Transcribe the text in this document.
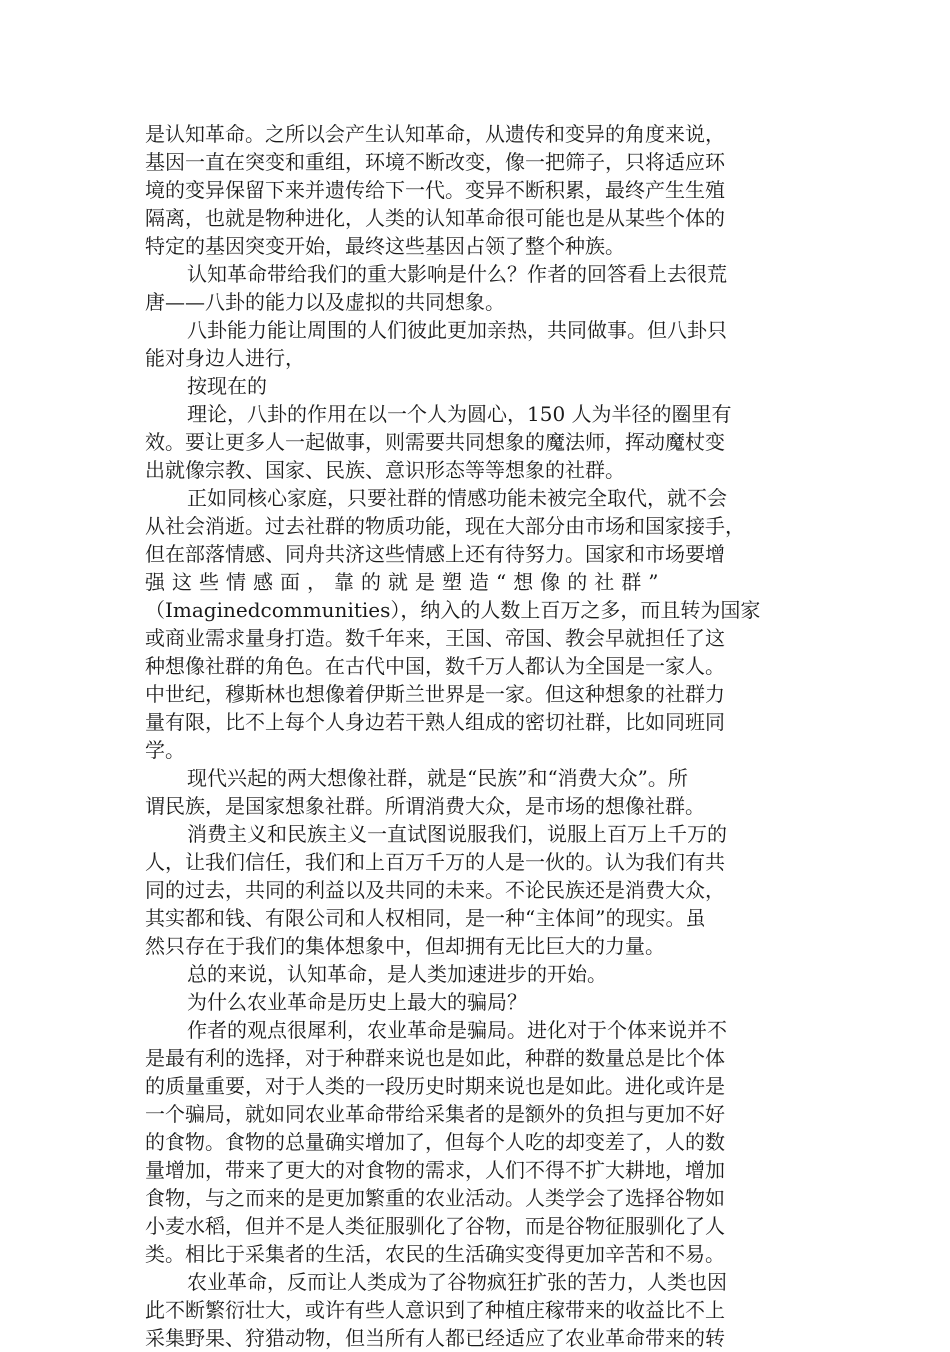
是认知革命。之所以会产生认知革命，从遗传和变异的角度来说，
基因一直在突变和重组，环境不断改变，像一把筛子，只将适应环
境的变异保留下来并遗传给下一代。变异不断积累，最终产生生殖
隔离，也就是物种进化，人类的认知革命很可能也是从某些个体的
特定的基因突变开始，最终这些基因占领了整个种族。
认知革命带给我们的重大影响是什么？作者的回答看上去很荒
唐——八卦的能力以及虚拟的共同想象。
八卦能力能让周围的人们彼此更加亲热，共同做事。但八卦只
能对身边人进行，
按现在的
理论，八卦的作用在以一个人为圆心，150 人为半径的圈里有
效。要让更多人一起做事，则需要共同想象的魔法师，挥动魔杖变
出就像宗教、国家、民族、意识形态等等想象的社群。
正如同核心家庭，只要社群的情感功能未被完全取代，就不会
从社会消逝。过去社群的物质功能，现在大部分由市场和国家接手，
但在部落情感、同舟共济这些情感上还有待努力。国家和市场要增
强这些情感面，靠的就是塑造“想像的社群”
（Imaginedcommunities），纳入的人数上百万之多，而且转为国家
或商业需求量身打造。数千年来，王国、帝国、教会早就担任了这
种想像社群的角色。在古代中国，数千万人都认为全国是一家人。
中世纪，穆斯林也想像着伊斯兰世界是一家。但这种想象的社群力
量有限，比不上每个人身边若干熟人组成的密切社群，比如同班同
学。
现代兴起的两大想像社群，就是“民族”和“消费大众”。所
谓民族，是国家想象社群。所谓消费大众，是市场的想像社群。
消费主义和民族主义一直试图说服我们，说服上百万上千万的
人，让我们信任，我们和上百万千万的人是一伙的。认为我们有共
同的过去，共同的利益以及共同的未来。不论民族还是消费大众，
其实都和钱、有限公司和人权相同，是一种“主体间”的现实。虽
然只存在于我们的集体想象中，但却拥有无比巨大的力量。
总的来说，认知革命，是人类加速进步的开始。
为什么农业革命是历史上最大的骗局？
作者的观点很犀利，农业革命是骗局。进化对于个体来说并不
是最有利的选择，对于种群来说也是如此，种群的数量总是比个体
的质量重要，对于人类的一段历史时期来说也是如此。进化或许是
一个骗局，就如同农业革命带给采集者的是额外的负担与更加不好
的食物。食物的总量确实增加了，但每个人吃的却变差了，人的数
量增加，带来了更大的对食物的需求，人们不得不扩大耕地，增加
食物，与之而来的是更加繁重的农业活动。人类学会了选择谷物如
小麦水稻，但并不是人类征服驯化了谷物，而是谷物征服驯化了人
类。相比于采集者的生活，农民的生活确实变得更加辛苦和不易。
农业革命，反而让人类成为了谷物疯狂扩张的苦力，人类也因
此不断繁衍壮大，或许有些人意识到了种植庄稼带来的收益比不上
采集野果、狩猎动物，但当所有人都已经适应了农业革命带来的转
